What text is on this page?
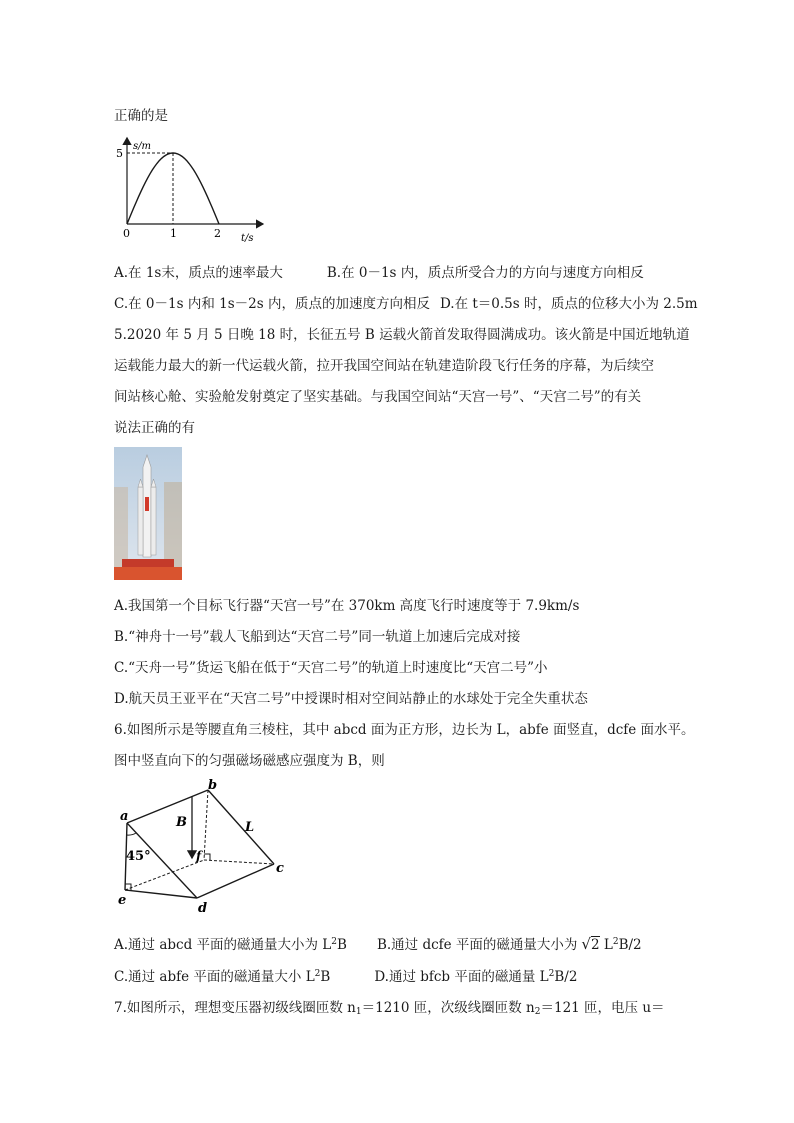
正确的是
s/m
t/s
5
0	1	2
A.在 1s末，质点的速率最大	B.在 0－1s 内，质点所受合力的方向与速度方向相反
C.在 0－1s 内和 1s－2s 内，质点的加速度方向相反 D.在 t＝0.5s 时，质点的位移大小为 2.5m
5.2020 年 5 月 5 日晚 18 时，长征五号 B 运载火箭首发取得圆满成功。该火箭是中国近地轨道
运载能力最大的新一代运载火箭，拉开我国空间站在轨建造阶段飞行任务的序幕，为后续空
间站核心舱、实验舱发射奠定了坚实基础。与我国空间站“天宫一号”、“天宫二号”的有关
说法正确的有
A.我国第一个目标飞行器“天宫一号”在 370km 高度飞行时速度等于 7.9km/s
B.“神舟十一号”载人飞船到达“天宫二号”同一轨道上加速后完成对接
C.“天舟一号”货运飞船在低于“天宫二号”的轨道上时速度比“天宫二号”小
D.航天员王亚平在“天宫二号”中授课时相对空间站静止的水球处于完全失重状态
6.如图所示是等腰直角三棱柱，其中 abcd 面为正方形，边长为 L，abfe 面竖直，dcfe 面水平。
图中竖直向下的匀强磁场磁感应强度为 B，则
a
b
c
d
e
f
B	L
45°
A.通过 abcd 平面的磁通量大小为 $L^2B$ B.通过 dcfe 平面的磁通量大小为 √2 $L^2B/2$
C.通过 abfe 平面的磁通量大小 $L^2B$	D.通过 bfcb 平面的磁通量 $L^2B/2$
7.如图所示，理想变压器初级线圈匝数 $n_1=1210$ 匝，次级线圈匝数 $n_2=121$ 匝，电压 u＝
